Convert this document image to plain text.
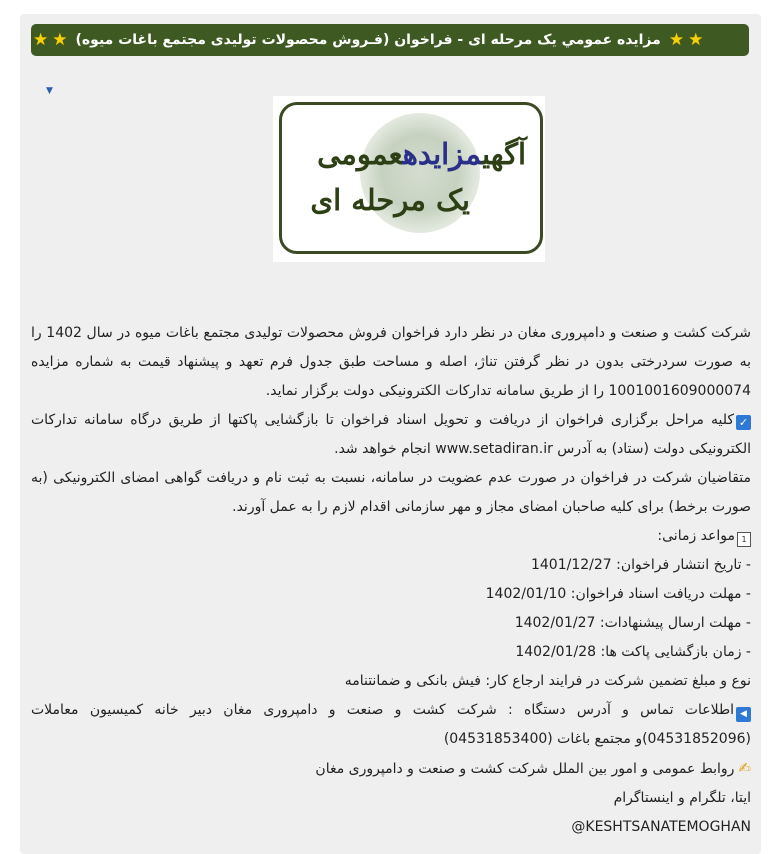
★
★
مزایده عمومي یک مرحله ای - فراخوان (فـروش محصولات تولیدی مجتمع باغات میوه)
★
★
▼
آگهیمزایدهعمومی
یک مرحله ای

شرکت کشت و صنعت و دامپروری مغان در نظر دارد فراخوان فروش محصولات تولیدی مجتمع باغات میوه در سال 1402 را به صورت سردرختی بدون در نظر گرفتن تناژ، اصله و مساحت طبق جدول فرم تعهد و پیشنهاد قیمت به شماره مزایده 1001001609000074 را از طریق سامانه تدارکات الکترونیکی دولت برگزار نماید.

✓کلیه مراحل برگزاری فراخوان از دریافت و تحویل اسناد فراخوان تا بازگشایی پاکتها از طریق درگاه سامانه تدارکات الکترونیکی دولت (ستاد) به آدرس www.setadiran.ir انجام خواهد شد.

متقاضیان شرکت در فراخوان در صورت عدم عضویت در سامانه، نسبت به ثبت نام و دریافت گواهی امضای الکترونیکی (به صورت برخط) برای کلیه صاحبان امضای مجاز و مهر سازمانی اقدام لازم را به عمل آورند.

1مواعد زمانی:

- تاریخ انتشار فراخوان: 1401/12/27

- مهلت دریافت اسناد فراخوان: 1402/01/10

- مهلت ارسال پیشنهادات: 1402/01/27

- زمان بازگشایی پاکت ها: 1402/01/28

نوع و مبلغ تضمین شرکت در فرایند ارجاع کار: فیش بانکی و ضمانتنامه

◀اطلاعات تماس و آدرس دستگاه : شرکت کشت و صنعت و دامپروری مغان دبیر خانه کمیسیون معاملات (04531852096)و مجتمع باغات (04531853400)

✍روابط عمومی و امور بین الملل شرکت کشت و صنعت و دامپروری مغان

ایتا، تلگرام و اینستاگرام

KESHTSANATEMOGHAN@
